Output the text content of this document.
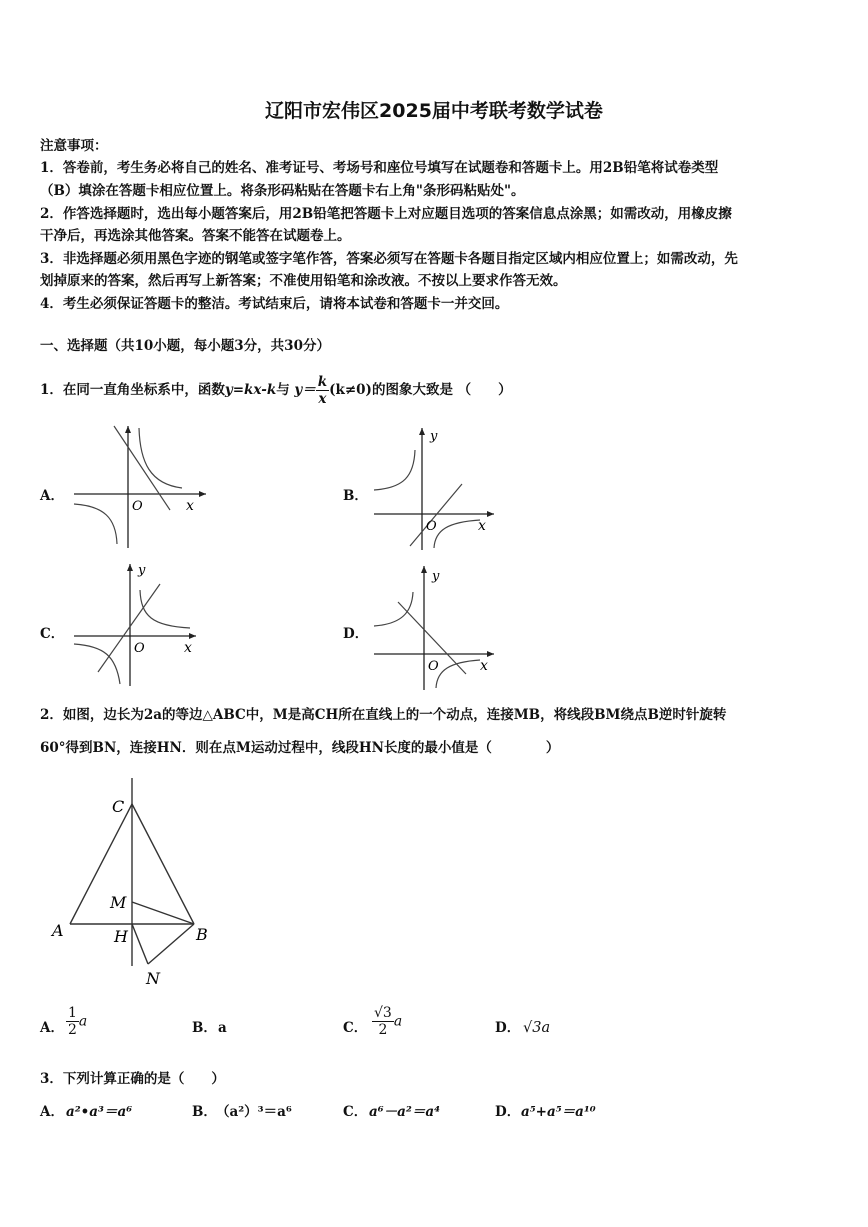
辽阳市宏伟区2025届中考联考数学试卷
注意事项：
1．答卷前，考生务必将自己的姓名、准考证号、考场号和座位号填写在试题卷和答题卡上。用2B铅笔将试卷类型
（B）填涂在答题卡相应位置上。将条形码粘贴在答题卡右上角"条形码粘贴处"。
2．作答选择题时，选出每小题答案后，用2B铅笔把答题卡上对应题目选项的答案信息点涂黑；如需改动，用橡皮擦
干净后，再选涂其他答案。答案不能答在试题卷上。
3．非选择题必须用黑色字迹的钢笔或签字笔作答，答案必须写在答题卡各题目指定区域内相应位置上；如需改动，先
划掉原来的答案，然后再写上新答案；不准使用铅笔和涂改液。不按以上要求作答无效。
4．考生必须保证答题卡的整洁。考试结束后，请将本试卷和答题卡一并交回。
一、选择题（共10小题，每小题3分，共30分）
1．在同一直角坐标系中，函数y=kx-k与 $y= \frac{k}{x} (k\ne 0)$的图象大致是 （　　）
A．	B．
C．	D．
O	x
y
O	x
y
O	x
y
O	x
2．如图，边长为2a的等边△ABC中，M是高CH所在直线上的一个动点，连接MB，将线段BM绕点B逆时针旋转
60°得到BN，连接HN．则在点M运动过程中，线段HN长度的最小值是（　　　　）
C
M
A	H	B
N
A． $\frac{1}{2}$ a	B． a	C． $\frac{√3}{2}$ a	D． √3a
3．下列计算正确的是（　　）
A． a²•a³＝a⁶	B． （a²）³＝a⁶	C． a⁶－a²＝a⁴	D． a⁵+a⁵＝a¹⁰
